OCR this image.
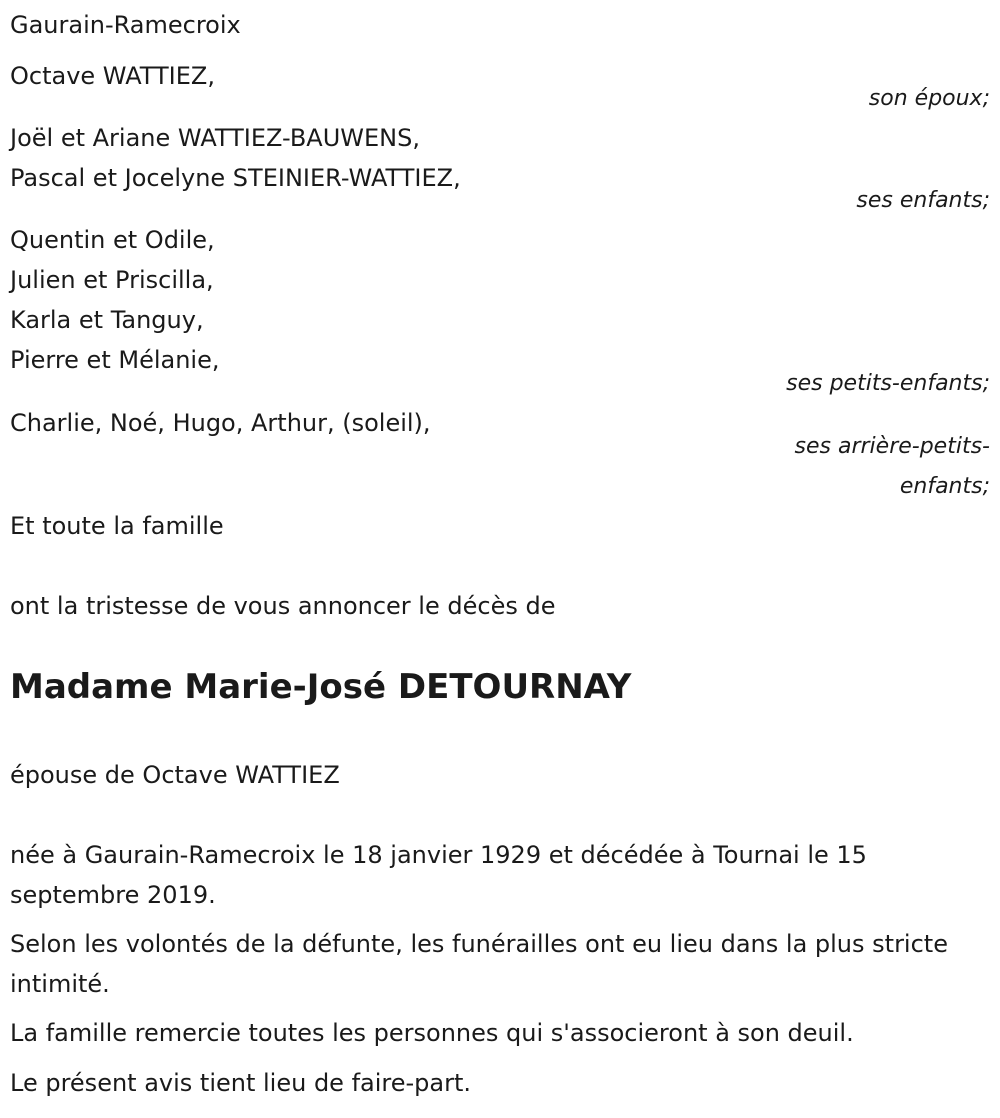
Gaurain-Ramecroix
Octave WATTIEZ,
son époux;
Joël et Ariane WATTIEZ-BAUWENS,
Pascal et Jocelyne STEINIER-WATTIEZ,
ses enfants;
Quentin et Odile,
Julien et Priscilla,
Karla et Tanguy,
Pierre et Mélanie,
ses petits-enfants;
Charlie, Noé, Hugo, Arthur, (soleil),
ses arrière-petits-
enfants;
Et toute la famille
ont la tristesse de vous annoncer le décès de
Madame Marie-José DETOURNAY
épouse de Octave WATTIEZ
née à Gaurain-Ramecroix le 18 janvier 1929 et décédée à Tournai le 15 septembre 2019.
Selon les volontés de la défunte, les funérailles ont eu lieu dans la plus stricte intimité.
La famille remercie toutes les personnes qui s'associeront à son deuil.
Le présent avis tient lieu de faire-part.
